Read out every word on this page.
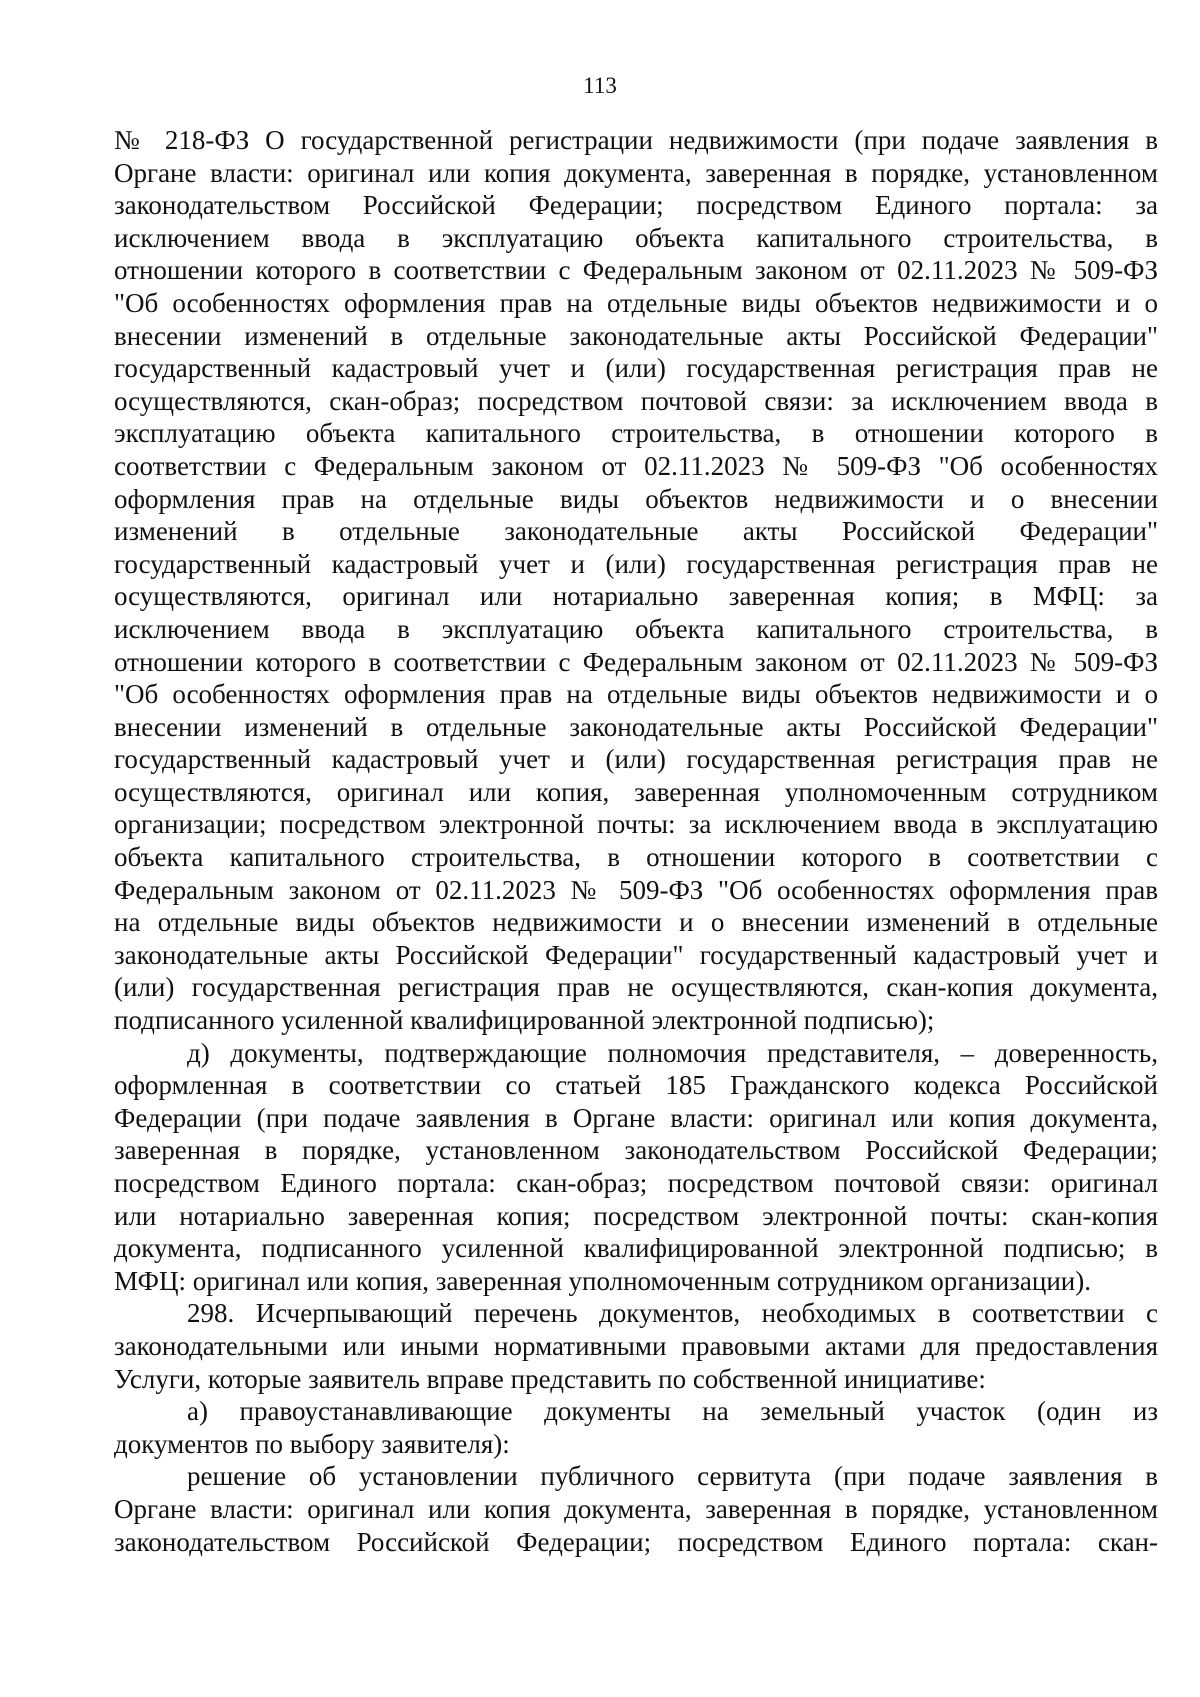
113
№ 218-ФЗ О государственной регистрации недвижимости (при подаче заявления в
Органе власти: оригинал или копия документа, заверенная в порядке, установленном
законодательством Российской Федерации; посредством Единого портала: за
исключением ввода в эксплуатацию объекта капитального строительства, в
отношении которого в соответствии с Федеральным законом от 02.11.2023 № 509-ФЗ
"Об особенностях оформления прав на отдельные виды объектов недвижимости и о
внесении изменений в отдельные законодательные акты Российской Федерации"
государственный кадастровый учет и (или) государственная регистрация прав не
осуществляются, скан-образ; посредством почтовой связи: за исключением ввода в
эксплуатацию объекта капитального строительства, в отношении которого в
соответствии с Федеральным законом от 02.11.2023 № 509-ФЗ "Об особенностях
оформления прав на отдельные виды объектов недвижимости и о внесении
изменений в отдельные законодательные акты Российской Федерации"
государственный кадастровый учет и (или) государственная регистрация прав не
осуществляются, оригинал или нотариально заверенная копия; в МФЦ: за
исключением ввода в эксплуатацию объекта капитального строительства, в
отношении которого в соответствии с Федеральным законом от 02.11.2023 № 509-ФЗ
"Об особенностях оформления прав на отдельные виды объектов недвижимости и о
внесении изменений в отдельные законодательные акты Российской Федерации"
государственный кадастровый учет и (или) государственная регистрация прав не
осуществляются, оригинал или копия, заверенная уполномоченным сотрудником
организации; посредством электронной почты: за исключением ввода в эксплуатацию
объекта капитального строительства, в отношении которого в соответствии с
Федеральным законом от 02.11.2023 № 509-ФЗ "Об особенностях оформления прав
на отдельные виды объектов недвижимости и о внесении изменений в отдельные
законодательные акты Российской Федерации" государственный кадастровый учет и
(или) государственная регистрация прав не осуществляются, скан-копия документа,
подписанного усиленной квалифицированной электронной подписью);
д) документы, подтверждающие полномочия представителя, – доверенность,
оформленная в соответствии со статьей 185 Гражданского кодекса Российской
Федерации (при подаче заявления в Органе власти: оригинал или копия документа,
заверенная в порядке, установленном законодательством Российской Федерации;
посредством Единого портала: скан-образ; посредством почтовой связи: оригинал
или нотариально заверенная копия; посредством электронной почты: скан-копия
документа, подписанного усиленной квалифицированной электронной подписью; в
МФЦ: оригинал или копия, заверенная уполномоченным сотрудником организации).
298. Исчерпывающий перечень документов, необходимых в соответствии с
законодательными или иными нормативными правовыми актами для предоставления
Услуги, которые заявитель вправе представить по собственной инициативе:
а) правоустанавливающие документы на земельный участок (один из
документов по выбору заявителя):
решение об установлении публичного сервитута (при подаче заявления в
Органе власти: оригинал или копия документа, заверенная в порядке, установленном
законодательством Российской Федерации; посредством Единого портала: скан-
